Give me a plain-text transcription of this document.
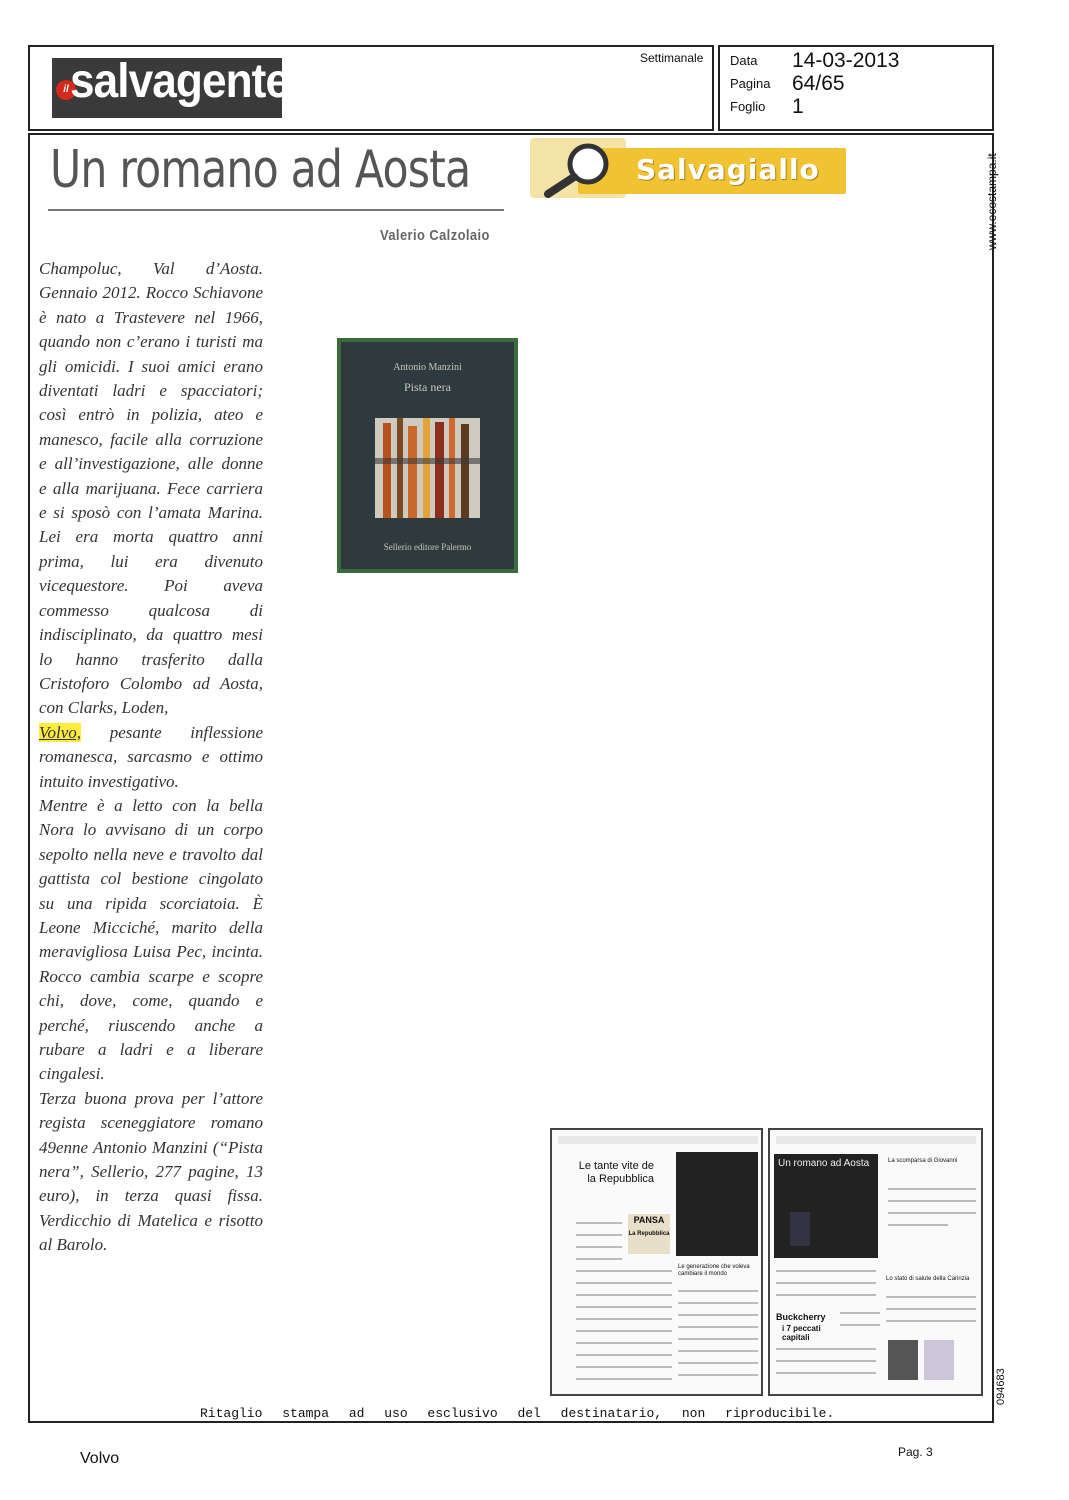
il salvagente	Settimanale Data 14-03-2013
Pagina 64/65
Foglio 1
Un romano ad Aosta
Valerio Calzolaio
Salvagiallo

Champoluc, Val d’Aosta. Gennaio 2012. Rocco Schiavone è nato a Trastevere nel 1966, quando non c’erano i turisti ma gli omicidi. I suoi amici erano diventati ladri e spacciatori; così entrò in polizia, ateo e manesco, facile alla corruzione e all’investigazione, alle donne e alla marijuana. Fece carriera e si sposò con l’amata Marina. Lei era morta quattro anni prima, lui era divenuto vicequestore. Poi aveva commesso qualcosa di indisciplinato, da quattro mesi lo hanno trasferito dalla Cristoforo Colombo ad Aosta, con Clarks, Loden,
Volvo, pesante inflessione romanesca, sarcasmo e ottimo intuito investigativo.

Mentre è a letto con la bella Nora lo avvisano di un corpo sepolto nella neve e travolto dal gattista col bestione cingolato su una ripida scorciatoia. È Leone Micciché, marito della meravigliosa Luisa Pec, incinta. Rocco cambia scarpe e scopre chi, dove, come, quando e perché, riuscendo anche a rubare a ladri e a liberare cingalesi.

Terza buona prova per l’attore regista sceneggiatore romano 49enne Antonio Manzini (“Pista nera”, Sellerio, 277 pagine, 13 euro), in terza quasi fissa. Verdicchio di Matelica e risotto al Barolo.

Antonio Manzini
Pista nera
Sellerio editore Palermo
Le tante vite de la Repubblica
PANSA
La Repubblica
Le generazione che voleva cambiare il mondo
Un romano ad Aosta	La scomparsa di Giovanni
Buckcherry
i 7 peccati capitali
Lo stato di salute della Carinzia
www.ecostampa.it
094683
Ritaglio stampa ad uso esclusivo del destinatario, non riproducibile.
Volvo	Pag. 3
